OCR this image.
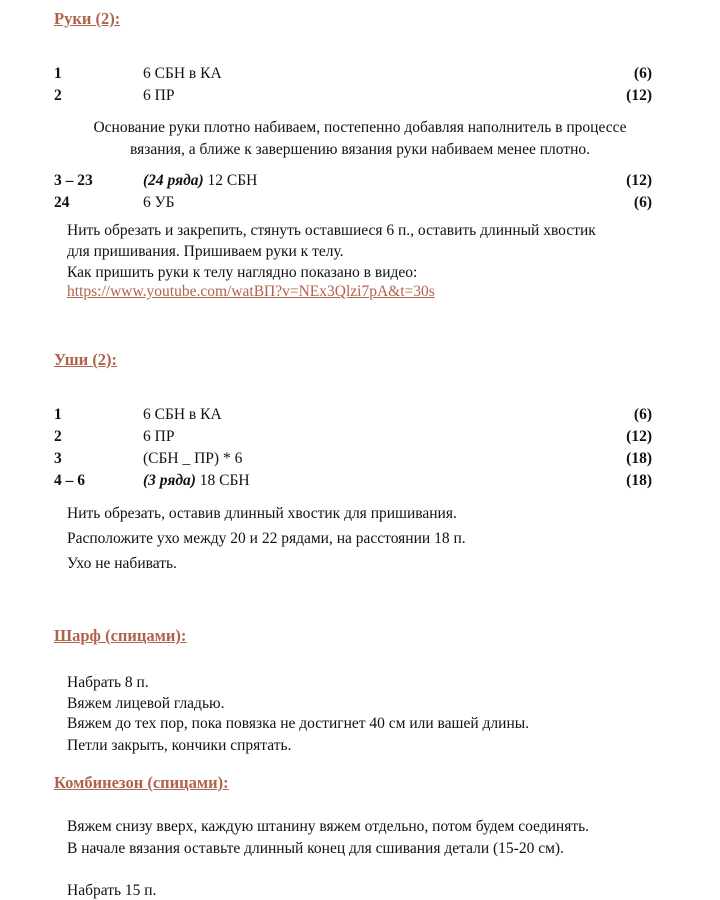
Руки (2):
1	6 СБН в КА	(6)
2	6 ПР	(12)
Основание руки плотно набиваем, постепенно добавляя наполнитель в процессе
вязания, а ближе к завершению вязания руки набиваем менее плотно.
3 – 23	(24 ряда) 12 СБН	(12)
24	6 УБ	(6)
Нить обрезать и закрепить, стянуть оставшиеся 6 п., оставить длинный хвостик
для пришивания. Пришиваем руки к телу.
Как пришить руки к телу наглядно показано в видео:
https://www.youtube.com/watВП?v=NEx3Qlzi7pA&t=30s
Уши (2):
1	6 СБН в КА	(6)
2	6 ПР	(12)
3	(СБН _ ПР) * 6	(18)
4 – 6	(3 ряда) 18 СБН	(18)
Нить обрезать, оставив длинный хвостик для пришивания.
Расположите ухо между 20 и 22 рядами, на расстоянии 18 п.
Ухо не набивать.
Шарф (спицами):
Набрать 8 п.
Вяжем лицевой гладью.
Вяжем до тех пор, пока повязка не достигнет 40 см или вашей длины.
Петли закрыть, кончики спрятать.
Комбинезон (спицами):
Вяжем снизу вверх, каждую штанину вяжем отдельно, потом будем соединять.
В начале вязания оставьте длинный конец для сшивания детали (15-20 см).
Набрать 15 п.
